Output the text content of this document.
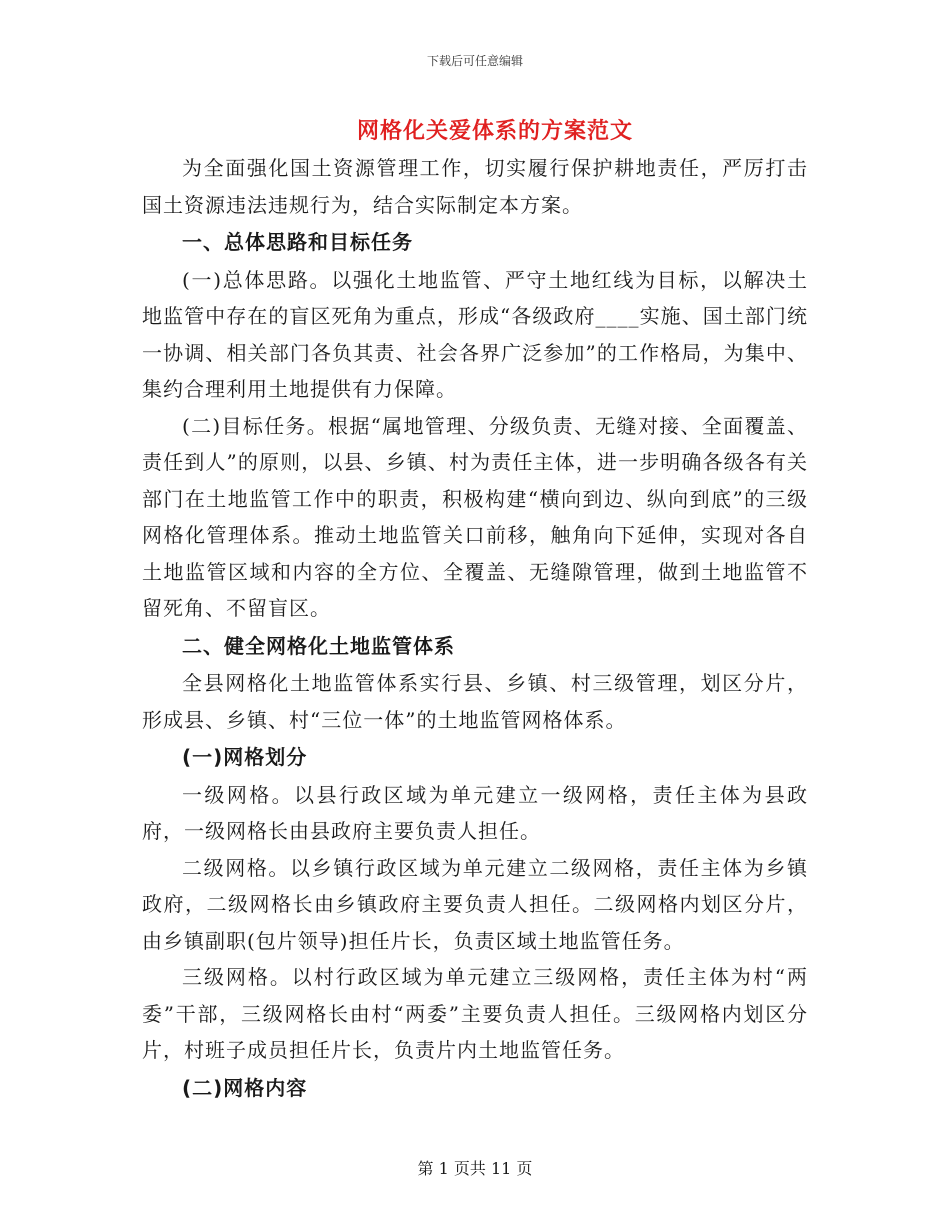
下载后可任意编辑
网格化关爱体系的方案范文

为全面强化国土资源管理工作，切实履行保护耕地责任，严厉打击国土资源违法违规行为，结合实际制定本方案。

一、总体思路和目标任务

(一)总体思路。以强化土地监管、严守土地红线为目标，以解决土地监管中存在的盲区死角为重点，形成“各级政府____实施、国土部门统一协调、相关部门各负其责、社会各界广泛参加”的工作格局，为集中、集约合理利用土地提供有力保障。

(二)目标任务。根据“属地管理、分级负责、无缝对接、全面覆盖、责任到人”的原则，以县、乡镇、村为责任主体，进一步明确各级各有关部门在土地监管工作中的职责，积极构建“横向到边、纵向到底”的三级网格化管理体系。推动土地监管关口前移，触角向下延伸，实现对各自土地监管区域和内容的全方位、全覆盖、无缝隙管理，做到土地监管不留死角、不留盲区。

二、健全网格化土地监管体系

全县网格化土地监管体系实行县、乡镇、村三级管理，划区分片，形成县、乡镇、村“三位一体”的土地监管网格体系。

(一)网格划分

一级网格。以县行政区域为单元建立一级网格，责任主体为县政府，一级网格长由县政府主要负责人担任。

二级网格。以乡镇行政区域为单元建立二级网格，责任主体为乡镇政府，二级网格长由乡镇政府主要负责人担任。二级网格内划区分片，由乡镇副职(包片领导)担任片长，负责区域土地监管任务。

三级网格。以村行政区域为单元建立三级网格，责任主体为村“两委”干部，三级网格长由村“两委”主要负责人担任。三级网格内划区分片，村班子成员担任片长，负责片内土地监管任务。

(二)网格内容

第 1 页共 11 页
